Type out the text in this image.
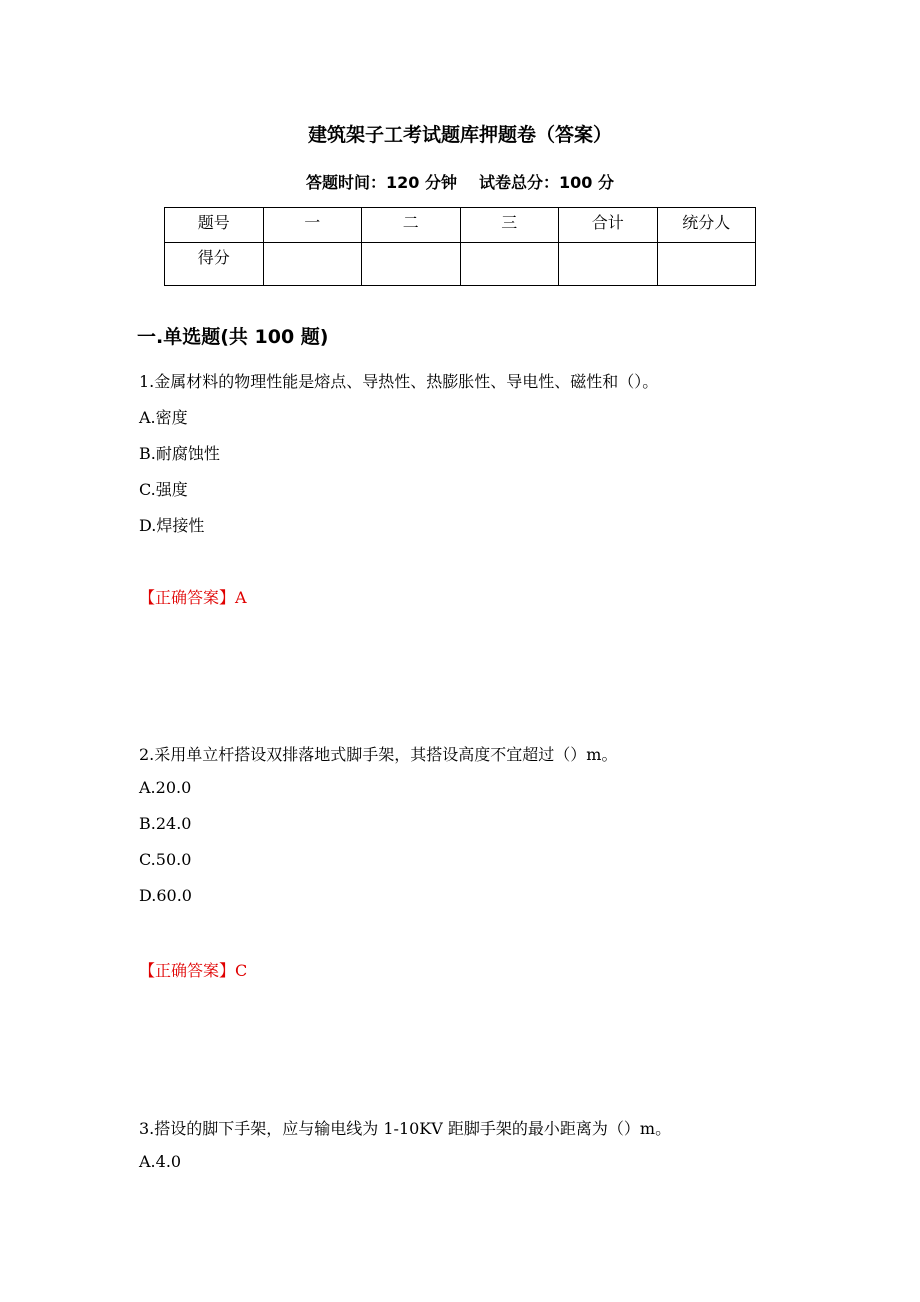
建筑架子工考试题库押题卷（答案）
答题时间：120 分钟 试卷总分：100 分
题号	一	二	三	合计	统分人
得分					
一.单选题(共 100 题)
1.金属材料的物理性能是熔点、导热性、热膨胀性、导电性、磁性和（）。
A.密度
B.耐腐蚀性
C.强度
D.焊接性
【正确答案】A
2.采用单立杆搭设双排落地式脚手架，其搭设高度不宜超过（）m。
A.20.0
B.24.0
C.50.0
D.60.0
【正确答案】C
3.搭设的脚下手架，应与输电线为 1-10KV 距脚手架的最小距离为（）m。
A.4.0
